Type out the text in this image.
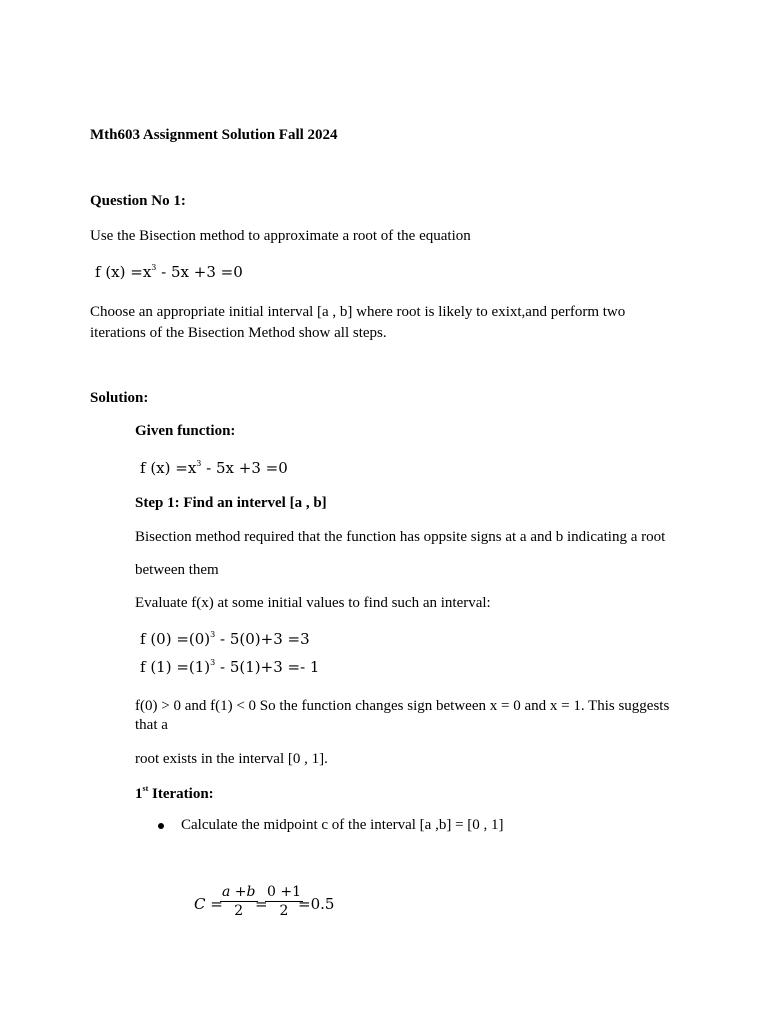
Mth603 Assignment Solution Fall 2024
Question No 1:
Use the Bisection method to approximate a root of the equation
f $(x) =x^3 - 5x +3 =0$
Choose an appropriate initial interval [a , b] where root is likely to exixt,and perform two iterations of the Bisection Method show all steps.
Solution:
Given function:
f $(x) =x^3 - 5x +3 =0$
Step 1: Find an intervel [a , b]
Bisection method required that the function has oppsite signs at a and b indicating a root
between them
Evaluate f(x) at some initial values to find such an interval:
f $(0) =(0)^3 - 5(0)+3 =3$
f $(1) =(1)^3 - 5(1)+3 =- 1$
f(0) > 0 and f(1) < 0 So the function changes sign between x = 0 and x = 1. This suggests that a
root exists in the interval [0 , 1].
1st Iteration:
Calculate the midpoint c of the interval [a ,b] = [0 , 1]
C =
$\frac{a +b}{2}$
=
$\frac{0 +1}{2}$
=0.5
